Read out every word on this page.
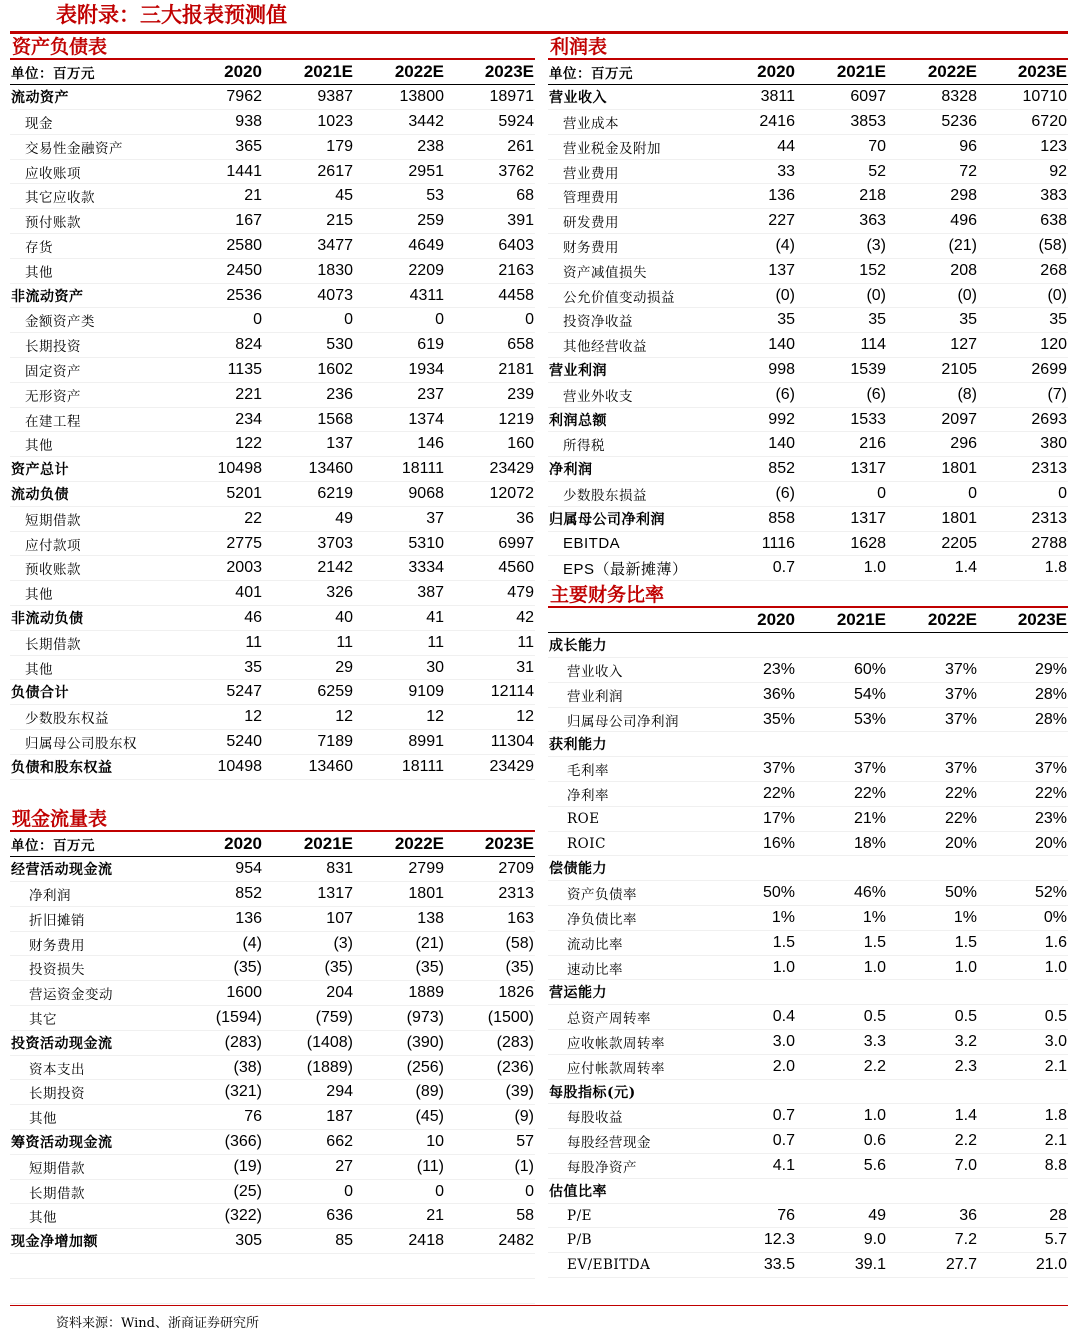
表附录：三大报表预测值
资产负债表
单位：百万元	2020	2021E	2022E	2023E
流动资产	7962	9387	13800	18971
现金	938	1023	3442	5924
交易性金融资产	365	179	238	261
应收账项	1441	2617	2951	3762
其它应收款	21	45	53	68
预付账款	167	215	259	391
存货	2580	3477	4649	6403
其他	2450	1830	2209	2163
非流动资产	2536	4073	4311	4458
金额资产类	0	0	0	0
长期投资	824	530	619	658
固定资产	1135	1602	1934	2181
无形资产	221	236	237	239
在建工程	234	1568	1374	1219
其他	122	137	146	160
资产总计	10498	13460	18111	23429
流动负债	5201	6219	9068	12072
短期借款	22	49	37	36
应付款项	2775	3703	5310	6997
预收账款	2003	2142	3334	4560
其他	401	326	387	479
非流动负债	46	40	41	42
长期借款	11	11	11	11
其他	35	29	30	31
负债合计	5247	6259	9109	12114
少数股东权益	12	12	12	12
归属母公司股东权	5240	7189	8991	11304
负债和股东权益	10498	13460	18111	23429
现金流量表
单位：百万元	2020	2021E	2022E	2023E
经营活动现金流	954	831	2799	2709
净利润	852	1317	1801	2313
折旧摊销	136	107	138	163
财务费用	(4)	(3)	(21)	(58)
投资损失	(35)	(35)	(35)	(35)
营运资金变动	1600	204	1889	1826
其它	(1594)	(759)	(973)	(1500)
投资活动现金流	(283)	(1408)	(390)	(283)
资本支出	(38)	(1889)	(256)	(236)
长期投资	(321)	294	(89)	(39)
其他	76	187	(45)	(9)
筹资活动现金流	(366)	662	10	57
短期借款	(19)	27	(11)	(1)
长期借款	(25)	0	0	0
其他	(322)	636	21	58
现金净增加额	305	85	2418	2482

利润表
单位：百万元	2020	2021E	2022E	2023E
营业收入	3811	6097	8328	10710
营业成本	2416	3853	5236	6720
营业税金及附加	44	70	96	123
营业费用	33	52	72	92
管理费用	136	218	298	383
研发费用	227	363	496	638
财务费用	(4)	(3)	(21)	(58)
资产减值损失	137	152	208	268
公允价值变动损益	(0)	(0)	(0)	(0)
投资净收益	35	35	35	35
其他经营收益	140	114	127	120
营业利润	998	1539	2105	2699
营业外收支	(6)	(6)	(8)	(7)
利润总额	992	1533	2097	2693
所得税	140	216	296	380
净利润	852	1317	1801	2313
少数股东损益	(6)	0	0	0
归属母公司净利润	858	1317	1801	2313
EBITDA	1116	1628	2205	2788
EPS（最新摊薄）	0.7	1.0	1.4	1.8
主要财务比率
	2020	2021E	2022E	2023E
成长能力				
营业收入	23%	60%	37%	29%
营业利润	36%	54%	37%	28%
归属母公司净利润	35%	53%	37%	28%
获利能力				
毛利率	37%	37%	37%	37%
净利率	22%	22%	22%	22%
ROE	17%	21%	22%	23%
ROIC	16%	18%	20%	20%
偿债能力				
资产负债率	50%	46%	50%	52%
净负债比率	1%	1%	1%	0%
流动比率	1.5	1.5	1.5	1.6
速动比率	1.0	1.0	1.0	1.0
营运能力				
总资产周转率	0.4	0.5	0.5	0.5
应收帐款周转率	3.0	3.3	3.2	3.0
应付帐款周转率	2.0	2.2	2.3	2.1
每股指标(元)				
每股收益	0.7	1.0	1.4	1.8
每股经营现金	0.7	0.6	2.2	2.1
每股净资产	4.1	5.6	7.0	8.8
估值比率				
P/E	76	49	36	28
P/B	12.3	9.0	7.2	5.7
EV/EBITDA	33.5	39.1	27.7	21.0
资料来源：Wind、浙商证券研究所
